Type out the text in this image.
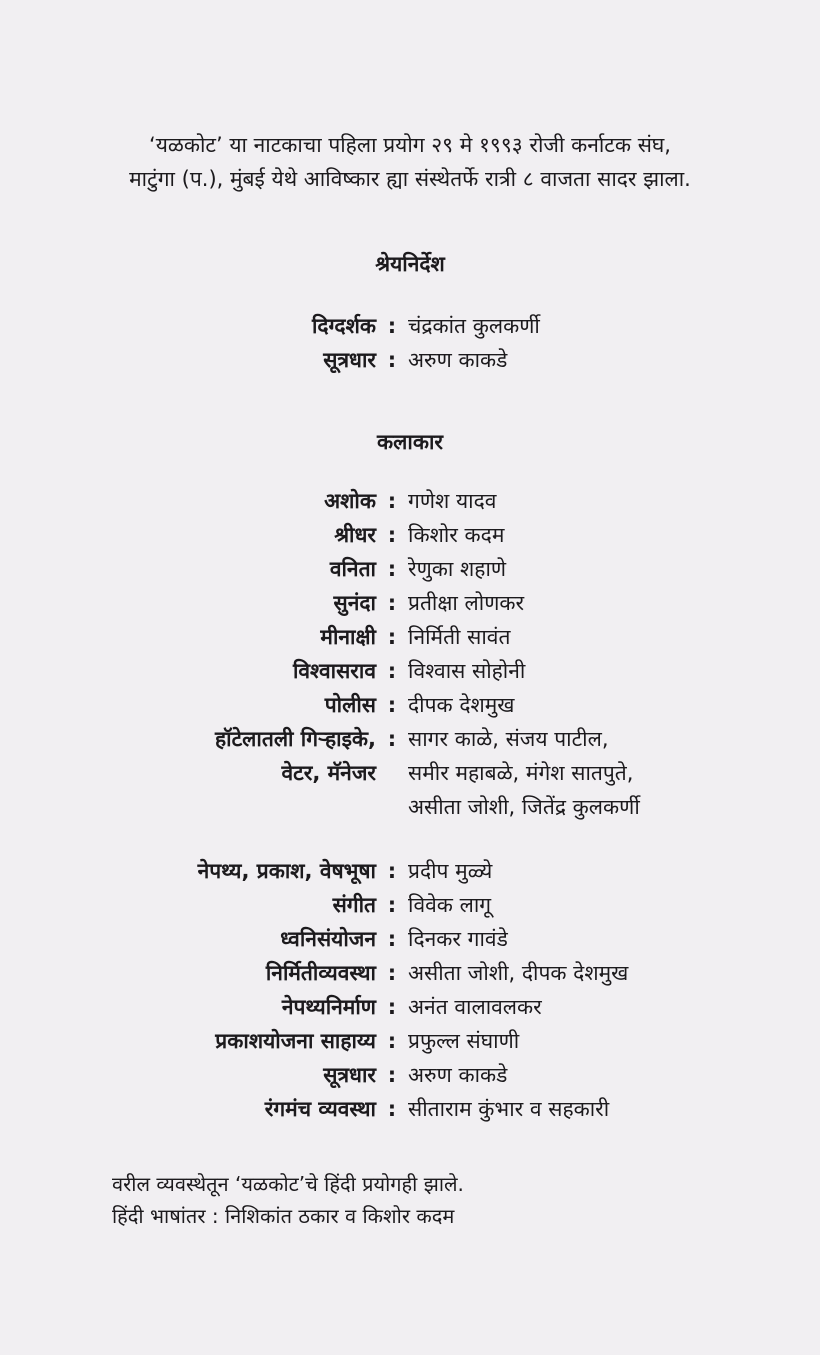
‘यळकोट’ या नाटकाचा पहिला प्रयोग २९ मे १९९३ रोजी कर्नाटक संघ,
माटुंगा (प.), मुंबई येथे आविष्कार ह्या संस्थेतर्फे रात्री ८ वाजता सादर झाला.
श्रेयनिर्देश
दिग्दर्शक : चंद्रकांत कुलकर्णी
सूत्रधार : अरुण काकडे
कलाकार
अशोक : गणेश यादव
श्रीधर : किशोर कदम
वनिता : रेणुका शहाणे
सुनंदा : प्रतीक्षा लोणकर
मीनाक्षी : निर्मिती सावंत
विश्वासराव : विश्वास सोहोनी
पोलीस : दीपक देशमुख
हॉटेलातली गिऱ्हाइके, : सागर काळे, संजय पाटील,
वेटर, मॅनेजर समीर महाबळे, मंगेश सातपुते,
असीता जोशी, जितेंद्र कुलकर्णी
नेपथ्य, प्रकाश, वेषभूषा : प्रदीप मुळ्ये
संगीत : विवेक लागू
ध्वनिसंयोजन : दिनकर गावंडे
निर्मितीव्यवस्था : असीता जोशी, दीपक देशमुख
नेपथ्यनिर्माण : अनंत वालावलकर
प्रकाशयोजना साहाय्य : प्रफुल्ल संघाणी
सूत्रधार : अरुण काकडे
रंगमंच व्यवस्था : सीताराम कुंभार व सहकारी
वरील व्यवस्थेतून ‘यळकोट’चे हिंदी प्रयोगही झाले.
हिंदी भाषांतर : निशिकांत ठकार व किशोर कदम
